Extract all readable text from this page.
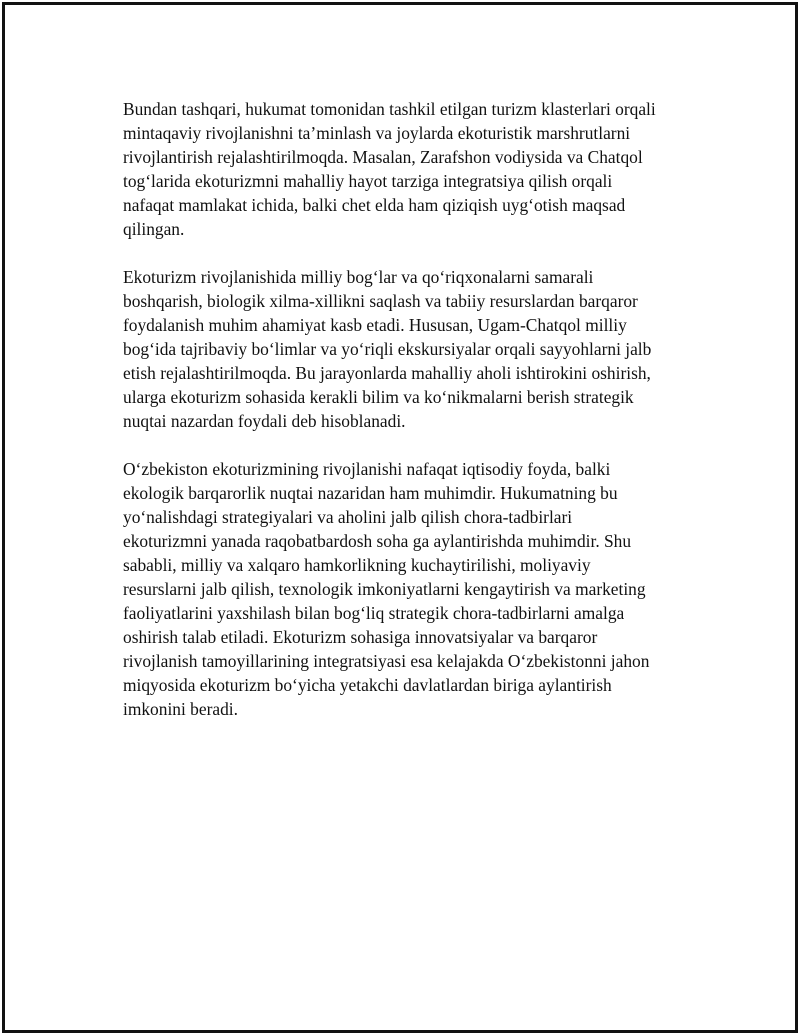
Bundan tashqari, hukumat tomonidan tashkil etilgan turizm klasterlari orqali
mintaqaviy rivojlanishni ta’minlash va joylarda ekoturistik marshrutlarni
rivojlantirish rejalashtirilmoqda. Masalan, Zarafshon vodiysida va Chatqol
tog‘larida ekoturizmni mahalliy hayot tarziga integratsiya qilish orqali
nafaqat mamlakat ichida, balki chet elda ham qiziqish uyg‘otish maqsad
qilingan.
Ekoturizm rivojlanishida milliy bog‘lar va qo‘riqxonalarni samarali
boshqarish, biologik xilma-xillikni saqlash va tabiiy resurslardan barqaror
foydalanish muhim ahamiyat kasb etadi. Hususan, Ugam-Chatqol milliy
bog‘ida tajribaviy bo‘limlar va yo‘riqli ekskursiyalar orqali sayyohlarni jalb
etish rejalashtirilmoqda. Bu jarayonlarda mahalliy aholi ishtirokini oshirish,
ularga ekoturizm sohasida kerakli bilim va ko‘nikmalarni berish strategik
nuqtai nazardan foydali deb hisoblanadi.
O‘zbekiston ekoturizmining rivojlanishi nafaqat iqtisodiy foyda, balki
ekologik barqarorlik nuqtai nazaridan ham muhimdir. Hukumatning bu
yo‘nalishdagi strategiyalari va aholini jalb qilish chora-tadbirlari
ekoturizmni yanada raqobatbardosh soha ga aylantirishda muhimdir. Shu
sababli, milliy va xalqaro hamkorlikning kuchaytirilishi, moliyaviy
resurslarni jalb qilish, texnologik imkoniyatlarni kengaytirish va marketing
faoliyatlarini yaxshilash bilan bog‘liq strategik chora-tadbirlarni amalga
oshirish talab etiladi. Ekoturizm sohasiga innovatsiyalar va barqaror
rivojlanish tamoyillarining integratsiyasi esa kelajakda O‘zbekistonni jahon
miqyosida ekoturizm bo‘yicha yetakchi davlatlardan biriga aylantirish
imkonini beradi.
